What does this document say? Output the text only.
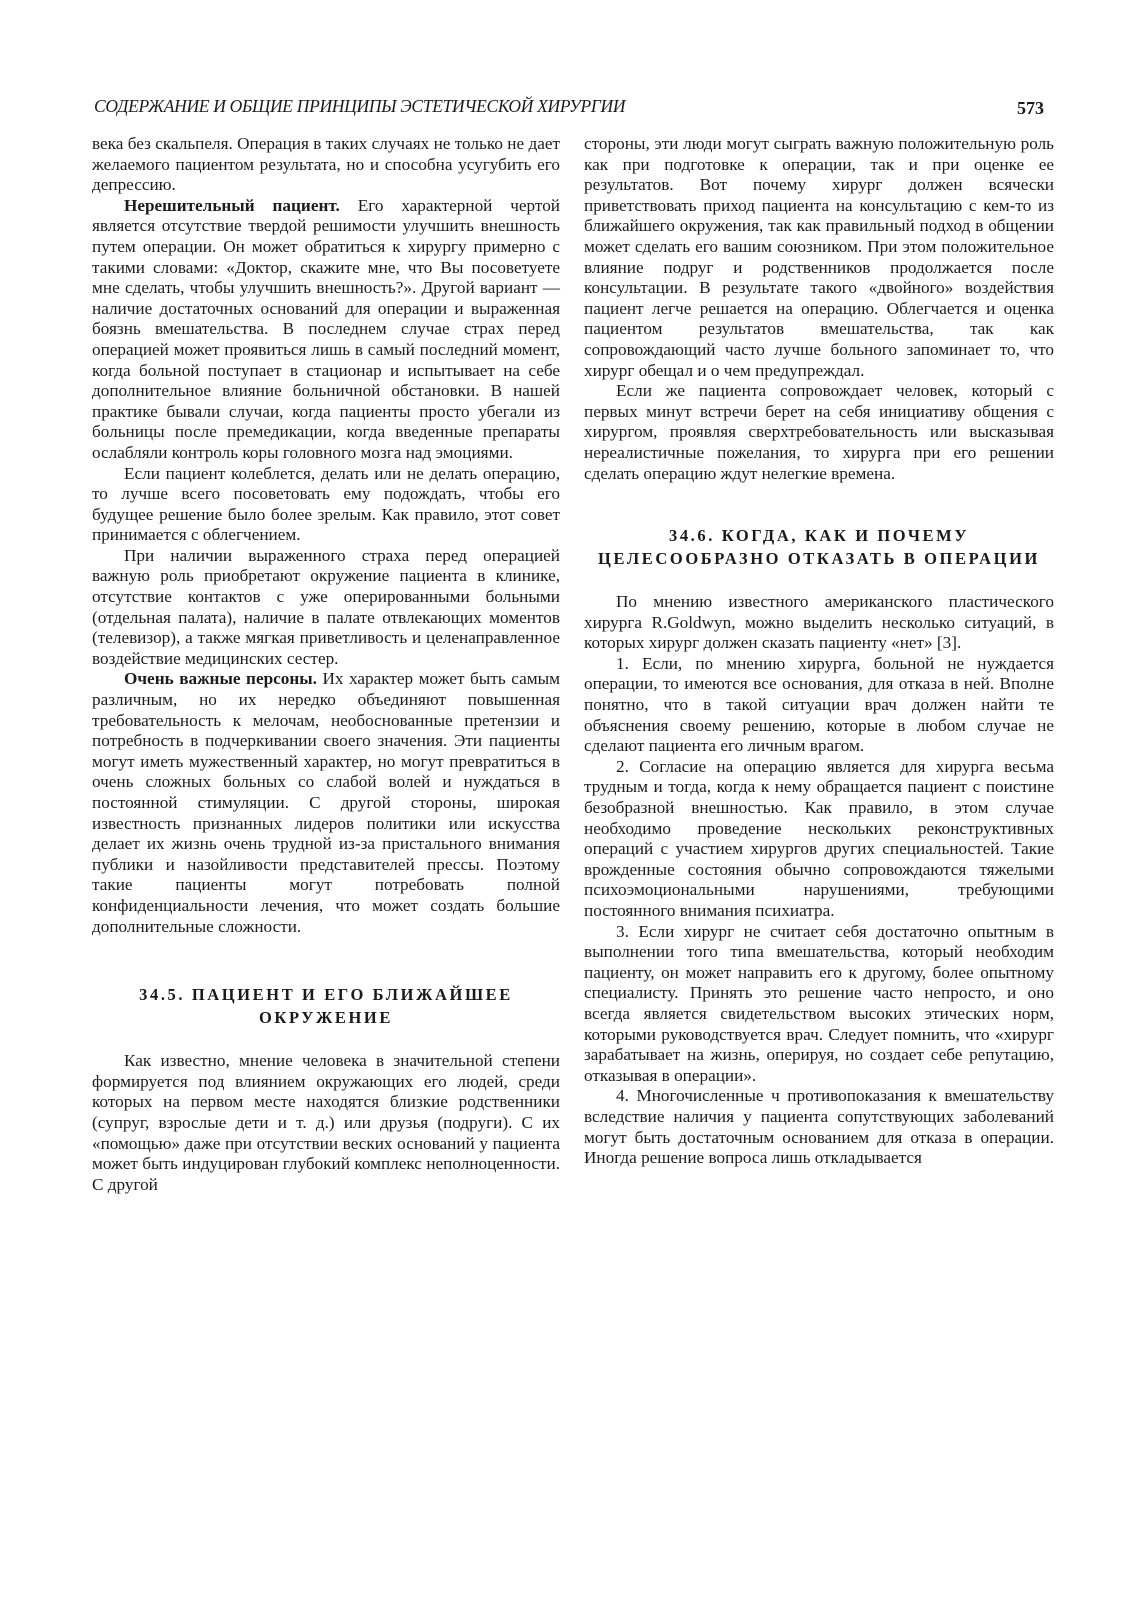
СОДЕРЖАНИЕ И ОБЩИЕ ПРИНЦИПЫ ЭСТЕТИЧЕСКОЙ ХИРУРГИИ	573

века без скальпеля. Операция в таких случаях не только не дает желаемого пациентом результата, но и способна усугубить его депрессию.

Нерешительный пациент. Его характерной чертой является отсутствие твердой решимости улучшить внешность путем операции. Он может обратиться к хирургу примерно с такими словами: «Доктор, скажите мне, что Вы посоветуете мне сделать, чтобы улучшить внешность?». Другой вариант — наличие достаточных оснований для операции и выраженная боязнь вмешательства. В последнем случае страх перед операцией может проявиться лишь в самый последний момент, когда больной поступает в стационар и испытывает на себе дополнительное влияние больничной обстановки. В нашей практике бывали случаи, когда пациенты просто убегали из больницы после премедикации, когда введенные препараты ослабляли контроль коры головного мозга над эмоциями.

Если пациент колеблется, делать или не делать операцию, то лучше всего посоветовать ему подождать, чтобы его будущее решение было более зрелым. Как правило, этот совет принимается с облегчением.

При наличии выраженного страха перед операцией важную роль приобретают окружение пациента в клинике, отсутствие контактов с уже оперированными больными (отдельная палата), наличие в палате отвлекающих моментов (телевизор), а также мягкая приветливость и целенаправленное воздействие медицинских сестер.

Очень важные персоны. Их характер может быть самым различным, но их нередко объединяют повышенная требовательность к мелочам, необоснованные претензии и потребность в подчеркивании своего значения. Эти пациенты могут иметь мужественный характер, но могут превратиться в очень сложных больных со слабой волей и нуждаться в постоянной стимуляции. С другой стороны, широкая известность признанных лидеров политики или искусства делает их жизнь очень трудной из-за пристального внимания публики и назойливости представителей прессы. Поэтому такие пациенты могут потребовать полной конфиденциальности лечения, что может создать большие дополнительные сложности.

34.5. ПАЦИЕНТ И ЕГО БЛИЖАЙШЕЕ
ОКРУЖЕНИЕ

Как известно, мнение человека в значительной степени формируется под влиянием окружающих его людей, среди которых на первом месте находятся близкие родственники (супруг, взрослые дети и т. д.) или друзья (подруги). С их «помощью» даже при отсутствии веских оснований у пациента может быть индуцирован глубокий комплекс неполноценности. С другой

стороны, эти люди могут сыграть важную положительную роль как при подготовке к операции, так и при оценке ее результатов. Вот почему хирург должен всячески приветствовать приход пациента на консультацию с кем-то из ближайшего окружения, так как правильный подход в общении может сделать его вашим союзником. При этом положительное влияние подруг и родственников продолжается после консультации. В результате такого «двойного» воздействия пациент легче решается на операцию. Облегчается и оценка пациентом результатов вмешательства, так как сопровождающий часто лучше больного запоминает то, что хирург обещал и о чем предупреждал.

Если же пациента сопровождает человек, который с первых минут встречи берет на себя инициативу общения с хирургом, проявляя сверхтребовательность или высказывая нереалистичные пожелания, то хирурга при его решении сделать операцию ждут нелегкие времена.

34.6. КОГДА, КАК И ПОЧЕМУ
ЦЕЛЕСООБРАЗНО ОТКАЗАТЬ В ОПЕРАЦИИ

По мнению известного американского пластического хирурга R.Goldwyn, можно выделить несколько ситуаций, в которых хирург должен сказать пациенту «нет» [3].

1. Если, по мнению хирурга, больной не нуждается операции, то имеются все основания, для отказа в ней. Вполне понятно, что в такой ситуации врач должен найти те объяснения своему решению, которые в любом случае не сделают пациента его личным врагом.

2. Согласие на операцию является для хирурга весьма трудным и тогда, когда к нему обращается пациент с поистине безобразной внешностью. Как правило, в этом случае необходимо проведение нескольких реконструктивных операций с участием хирургов других специальностей. Такие врожденные состояния обычно сопровождаются тяжелыми психоэмоциональными нарушениями, требующими постоянного внимания психиатра.

3. Если хирург не считает себя достаточно опытным в выполнении того типа вмешательства, который необходим пациенту, он может направить его к другому, более опытному специалисту. Принять это решение часто непросто, и оно всегда является свидетельством высоких этических норм, которыми руководствуется врач. Следует помнить, что «хирург зарабатывает на жизнь, оперируя, но создает себе репутацию, отказывая в операции».

4. Многочисленные ч противопоказания к вмешательству вследствие наличия у пациента сопутствующих заболеваний могут быть достаточным основанием для отказа в операции. Иногда решение вопроса лишь откладывается
